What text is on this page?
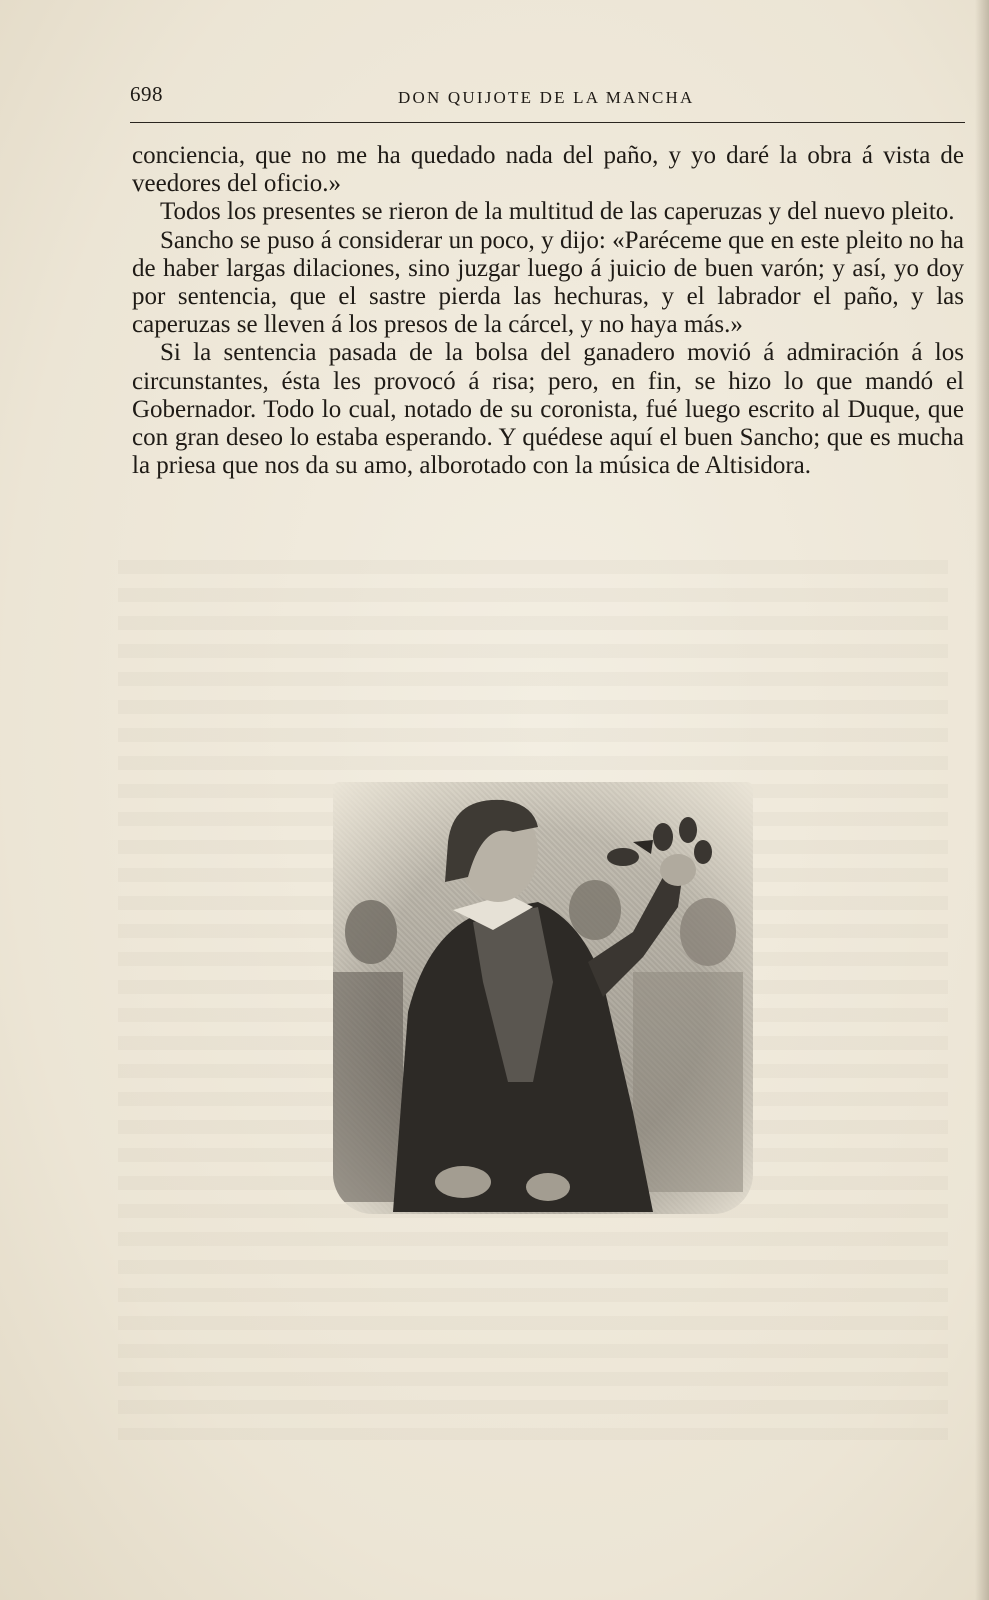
698	DON QUIJOTE DE LA MANCHA

conciencia, que no me ha quedado nada del paño, y yo daré la obra á vista de veedores del oficio.»

Todos los presentes se rieron de la multitud de las caperuzas y del nuevo pleito.

Sancho se puso á considerar un poco, y dijo: «Paréceme que en este pleito no ha de haber largas dilaciones, sino juzgar luego á juicio de buen varón; y así, yo doy por sentencia, que el sastre pierda las hechuras, y el labrador el paño, y las caperuzas se lleven á los presos de la cárcel, y no haya más.»

Si la sentencia pasada de la bolsa del ganadero movió á admiración á los circunstantes, ésta les provocó á risa; pero, en fin, se hizo lo que mandó el Gobernador. Todo lo cual, notado de su coronista, fué luego escrito al Duque, que con gran deseo lo estaba esperando. Y quédese aquí el buen Sancho; que es mucha la priesa que nos da su amo, alborotado con la música de Altisidora.
